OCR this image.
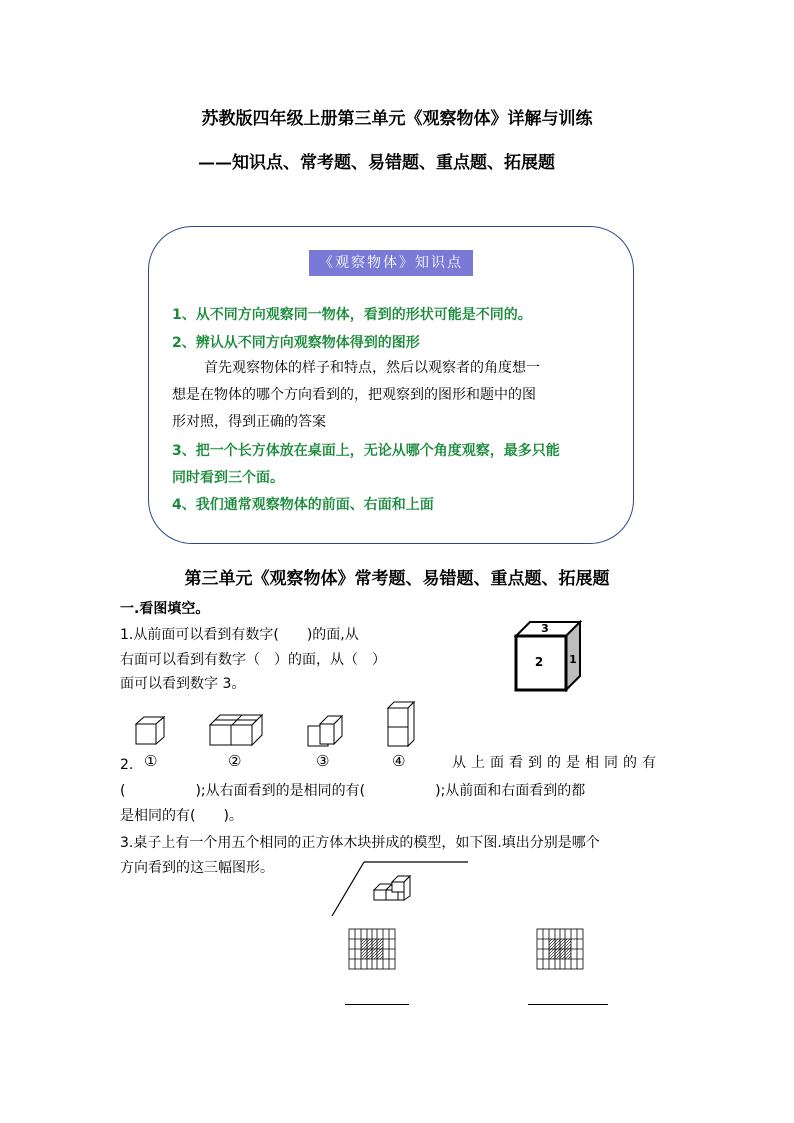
苏教版四年级上册第三单元《观察物体》详解与训练
——知识点、常考题、易错题、重点题、拓展题
《观察物体》知识点
1、从不同方向观察同一物体，看到的形状可能是不同的。
2、辨认从不同方向观察物体得到的图形
首先观察物体的样子和特点，然后以观察者的角度想一
想是在物体的哪个方向看到的，把观察到的图形和题中的图
形对照，得到正确的答案
3、把一个长方体放在桌面上，无论从哪个角度观察，最多只能
同时看到三个面。
4、我们通常观察物体的前面、右面和上面
第三单元《观察物体》常考题、易错题、重点题、拓展题
一.看图填空。
1.从前面可以看到有数字(　　)的面,从
右面可以看到有数字（　）的面，从（　）
面可以看到数字 3。
3
2 1
2. ①	②	③	④	从上面看到的是相同的有
(　　　　　);从右面看到的是相同的有(　　　　　);从前面和右面看到的都
是相同的有(　　)。
3.桌子上有一个用五个相同的正方体木块拼成的模型，如下图.填出分别是哪个
方向看到的这三幅图形。
